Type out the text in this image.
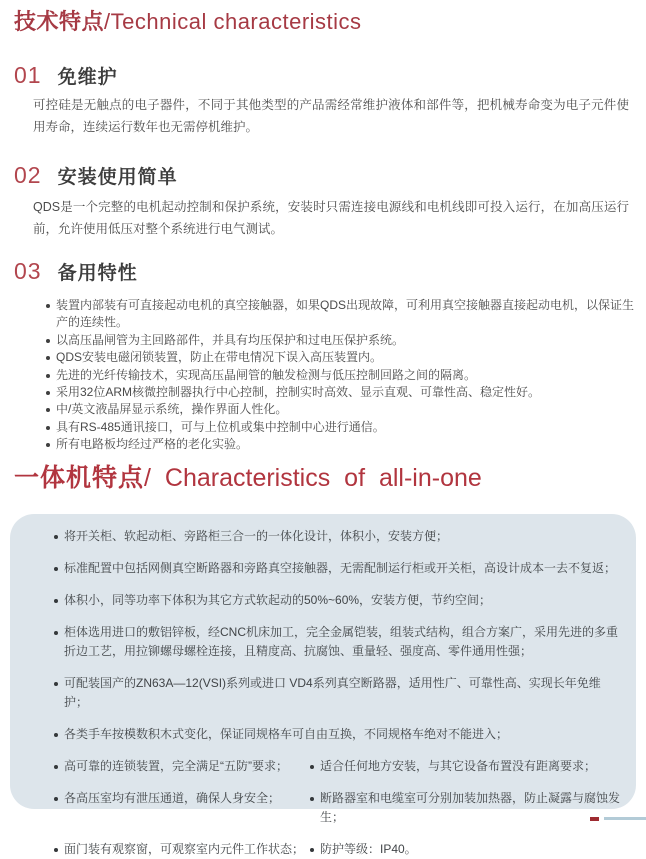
技术特点/Technical characteristics
01 免维护

可控硅是无触点的电子器件，不同于其他类型的产品需经常维护液体和部件等，把机械寿命变为电子元件使用寿命，连续运行数年也无需停机维护。

02 安装使用简单

QDS是一个完整的电机起动控制和保护系统，安装时只需连接电源线和电机线即可投入运行，在加高压运行前，允许使用低压对整个系统进行电气测试。

03 备用特性
装置内部装有可直接起动电机的真空接触器，如果QDS出现故障，可利用真空接触器直接起动电机，以保证生产的连续性。
以高压晶闸管为主回路部件，并具有均压保护和过电压保护系统。
QDS安装电磁闭锁装置，防止在带电情况下误入高压装置内。
先进的光纤传输技术，实现高压晶闸管的触发检测与低压控制回路之间的隔离。
采用32位ARM核微控制器执行中心控制，控制实时高效、显示直观、可靠性高、稳定性好。
中/英文液晶屏显示系统，操作界面人性化。
具有RS-485通讯接口，可与上位机或集中控制中心进行通信。
所有电路板均经过严格的老化实验。
一体机特点/ Characteristics of all-in-one
将开关柜、软起动柜、旁路柜三合一的一体化设计，体积小，安装方便；
标准配置中包括网侧真空断路器和旁路真空接触器，无需配制运行柜或开关柜，高设计成本一去不复返；
体积小，同等功率下体积为其它方式软起动的50%~60%，安装方便，节约空间；
柜体选用进口的敷铝锌板，经CNC机床加工，完全金属铠装，组装式结构，组合方案广，采用先进的多重折边工艺，用拉铆螺母螺栓连接，且精度高、抗腐蚀、重量轻、强度高、零件通用性强；
可配装国产的ZN63A—12(VSI)系列或进口 VD4系列真空断路器，适用性广、可靠性高、实现长年免维护；
各类手车按模数积木式变化，保证同规格车可自由互换，不同规格车绝对不能进入；
高可靠的连锁装置，完全满足“五防”要求；	适合任何地方安装，与其它设备布置没有距离要求；
各高压室均有泄压通道，确保人身安全；	断路器室和电缆室可分别加装加热器，防止凝露与腐蚀发生；
面门装有观察窗，可观察室内元件工作状态； 防护等级：IP40。
